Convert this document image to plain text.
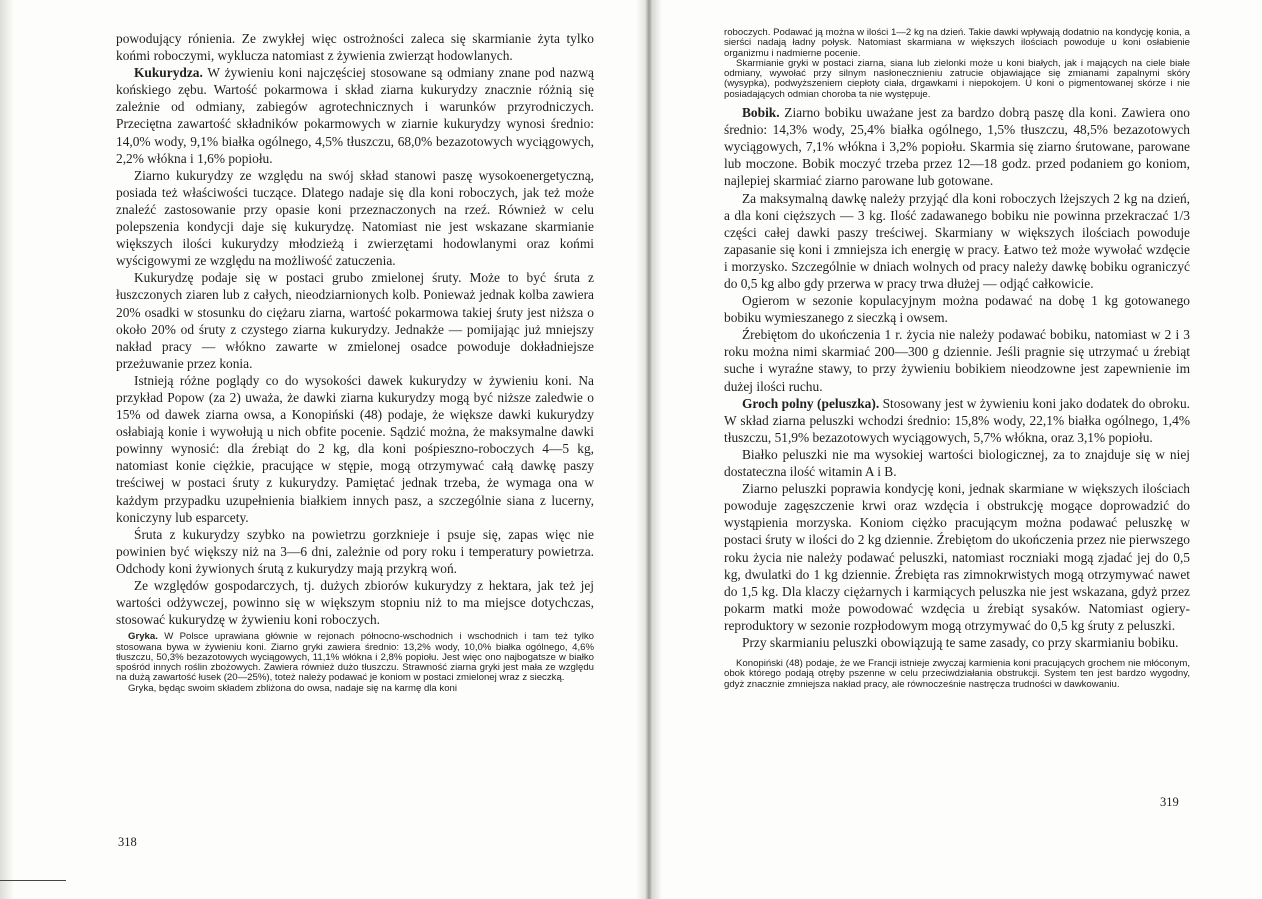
powodujący rónienia. Ze zwykłej więc ostrożności zaleca się skarmianie żyta tylko końmi roboczymi, wyklucza natomiast z żywienia zwierząt hodowlanych.

Kukurydza. W żywieniu koni najczęściej stosowane są odmiany znane pod nazwą końskiego zębu. Wartość pokarmowa i skład ziarna kukurydzy znacznie różnią się zależnie od odmiany, zabiegów agrotechnicznych i warunków przyrodniczych. Przeciętna zawartość składników pokarmowych w ziarnie kukurydzy wynosi średnio: 14,0% wody, 9,1% białka ogólnego, 4,5% tłuszczu, 68,0% bezazotowych wyciągowych, 2,2% włókna i 1,6% popiołu.

Ziarno kukurydzy ze względu na swój skład stanowi paszę wysokoenergetyczną, posiada też właściwości tuczące. Dlatego nadaje się dla koni roboczych, jak też może znaleźć zastosowanie przy opasie koni przeznaczonych na rzeź. Również w celu polepszenia kondycji daje się kukurydzę. Natomiast nie jest wskazane skarmianie większych ilości kukurydzy młodzieżą i zwierzętami hodowlanymi oraz końmi wyścigowymi ze względu na możliwość zatuczenia.

Kukurydzę podaje się w postaci grubo zmielonej śruty. Może to być śruta z łuszczonych ziaren lub z całych, nieodziarnionych kolb. Ponieważ jednak kolba zawiera 20% osadki w stosunku do ciężaru ziarna, wartość pokarmowa takiej śruty jest niższa o około 20% od śruty z czystego ziarna kukurydzy. Jednakże — pomijając już mniejszy nakład pracy — włókno zawarte w zmielonej osadce powoduje dokładniejsze przeżuwanie przez konia.

Istnieją różne poglądy co do wysokości dawek kukurydzy w żywieniu koni. Na przykład Popow (za 2) uważa, że dawki ziarna kukurydzy mogą być niższe zaledwie o 15% od dawek ziarna owsa, a Konopiński (48) podaje, że większe dawki kukurydzy osłabiają konie i wywołują u nich obfite pocenie. Sądzić można, że maksymalne dawki powinny wynosić: dla źrebiąt do 2 kg, dla koni pośpieszno-roboczych 4—5 kg, natomiast konie ciężkie, pracujące w stępie, mogą otrzymywać całą dawkę paszy treściwej w postaci śruty z kukurydzy. Pamiętać jednak trzeba, że wymaga ona w każdym przypadku uzupełnienia białkiem innych pasz, a szczególnie siana z lucerny, koniczyny lub esparcety.

Śruta z kukurydzy szybko na powietrzu gorzknieje i psuje się, zapas więc nie powinien być większy niż na 3—6 dni, zależnie od pory roku i temperatury powietrza. Odchody koni żywionych śrutą z kukurydzy mają przykrą woń.

Ze względów gospodarczych, tj. dużych zbiorów kukurydzy z hektara, jak też jej wartości odżywczej, powinno się w większym stopniu niż to ma miejsce dotychczas, stosować kukurydzę w żywieniu koni roboczych.

Gryka. W Polsce uprawiana głównie w rejonach północno-wschodnich i wschodnich i tam też tylko stosowana bywa w żywieniu koni. Ziarno gryki zawiera średnio: 13,2% wody, 10,0% białka ogólnego, 4,6% tłuszczu, 50,3% bezazotowych wyciągowych, 11,1% włókna i 2,8% popiołu. Jest więc ono najbogatsze w białko spośród innych roślin zbożowych. Zawiera również dużo tłuszczu. Strawność ziarna gryki jest mała ze względu na dużą zawartość łusek (20—25%), toteż należy podawać je koniom w postaci zmielonej wraz z sieczką.

Gryka, będąc swoim składem zbliżona do owsa, nadaje się na karmę dla koni

318

roboczych. Podawać ją można w ilości 1—2 kg na dzień. Takie dawki wpływają dodatnio na kondycję konia, a sierści nadają ładny połysk. Natomiast skarmiana w większych ilościach powoduje u koni osłabienie organizmu i nadmierne pocenie.

Skarmianie gryki w postaci ziarna, siana lub zielonki może u koni białych, jak i mających na ciele białe odmiany, wywołać przy silnym nasłonecznieniu zatrucie objawiające się zmianami zapalnymi skóry (wysypka), podwyższeniem ciepłoty ciała, drgawkami i niepokojem. U koni o pigmentowanej skórze i nie posiadających odmian choroba ta nie występuje.

Bobik. Ziarno bobiku uważane jest za bardzo dobrą paszę dla koni. Zawiera ono średnio: 14,3% wody, 25,4% białka ogólnego, 1,5% tłuszczu, 48,5% bezazotowych wyciągowych, 7,1% włókna i 3,2% popiołu. Skarmia się ziarno śrutowane, parowane lub moczone. Bobik moczyć trzeba przez 12—18 godz. przed podaniem go koniom, najlepiej skarmiać ziarno parowane lub gotowane.

Za maksymalną dawkę należy przyjąć dla koni roboczych lżejszych 2 kg na dzień, a dla koni cięższych — 3 kg. Ilość zadawanego bobiku nie powinna przekraczać 1/3 części całej dawki paszy treściwej. Skarmiany w większych ilościach powoduje zapasanie się koni i zmniejsza ich energię w pracy. Łatwo też może wywołać wzdęcie i morzysko. Szczególnie w dniach wolnych od pracy należy dawkę bobiku ograniczyć do 0,5 kg albo gdy przerwa w pracy trwa dłużej — odjąć całkowicie.

Ogierom w sezonie kopulacyjnym można podawać na dobę 1 kg gotowanego bobiku wymieszanego z sieczką i owsem.

Źrebiętom do ukończenia 1 r. życia nie należy podawać bobiku, natomiast w 2 i 3 roku można nimi skarmiać 200—300 g dziennie. Jeśli pragnie się utrzymać u źrebiąt suche i wyraźne stawy, to przy żywieniu bobikiem nieodzowne jest zapewnienie im dużej ilości ruchu.

Groch polny (peluszka). Stosowany jest w żywieniu koni jako dodatek do obroku. W skład ziarna peluszki wchodzi średnio: 15,8% wody, 22,1% białka ogólnego, 1,4% tłuszczu, 51,9% bezazotowych wyciągowych, 5,7% włókna, oraz 3,1% popiołu.

Białko peluszki nie ma wysokiej wartości biologicznej, za to znajduje się w niej dostateczna ilość witamin A i B.

Ziarno peluszki poprawia kondycję koni, jednak skarmiane w większych ilościach powoduje zagęszczenie krwi oraz wzdęcia i obstrukcję mogące doprowadzić do wystąpienia morzyska. Koniom ciężko pracującym można podawać peluszkę w postaci śruty w ilości do 2 kg dziennie. Źrebiętom do ukończenia przez nie pierwszego roku życia nie należy podawać peluszki, natomiast roczniaki mogą zjadać jej do 0,5 kg, dwulatki do 1 kg dziennie. Źrebięta ras zimnokrwistych mogą otrzymywać nawet do 1,5 kg. Dla klaczy ciężarnych i karmiących peluszka nie jest wskazana, gdyż przez pokarm matki może powodować wzdęcia u źrebiąt sysaków. Natomiast ogiery-reproduktory w sezonie rozpłodowym mogą otrzymywać do 0,5 kg śruty z peluszki.

Przy skarmianiu peluszki obowiązują te same zasady, co przy skarmianiu bobiku.

Konopiński (48) podaje, że we Francji istnieje zwyczaj karmienia koni pracujących grochem nie młóconym, obok którego podają otręby pszenne w celu przeciwdziałania obstrukcji. System ten jest bardzo wygodny, gdyż znacznie zmniejsza nakład pracy, ale równocześnie nastręcza trudności w dawkowaniu.

319
